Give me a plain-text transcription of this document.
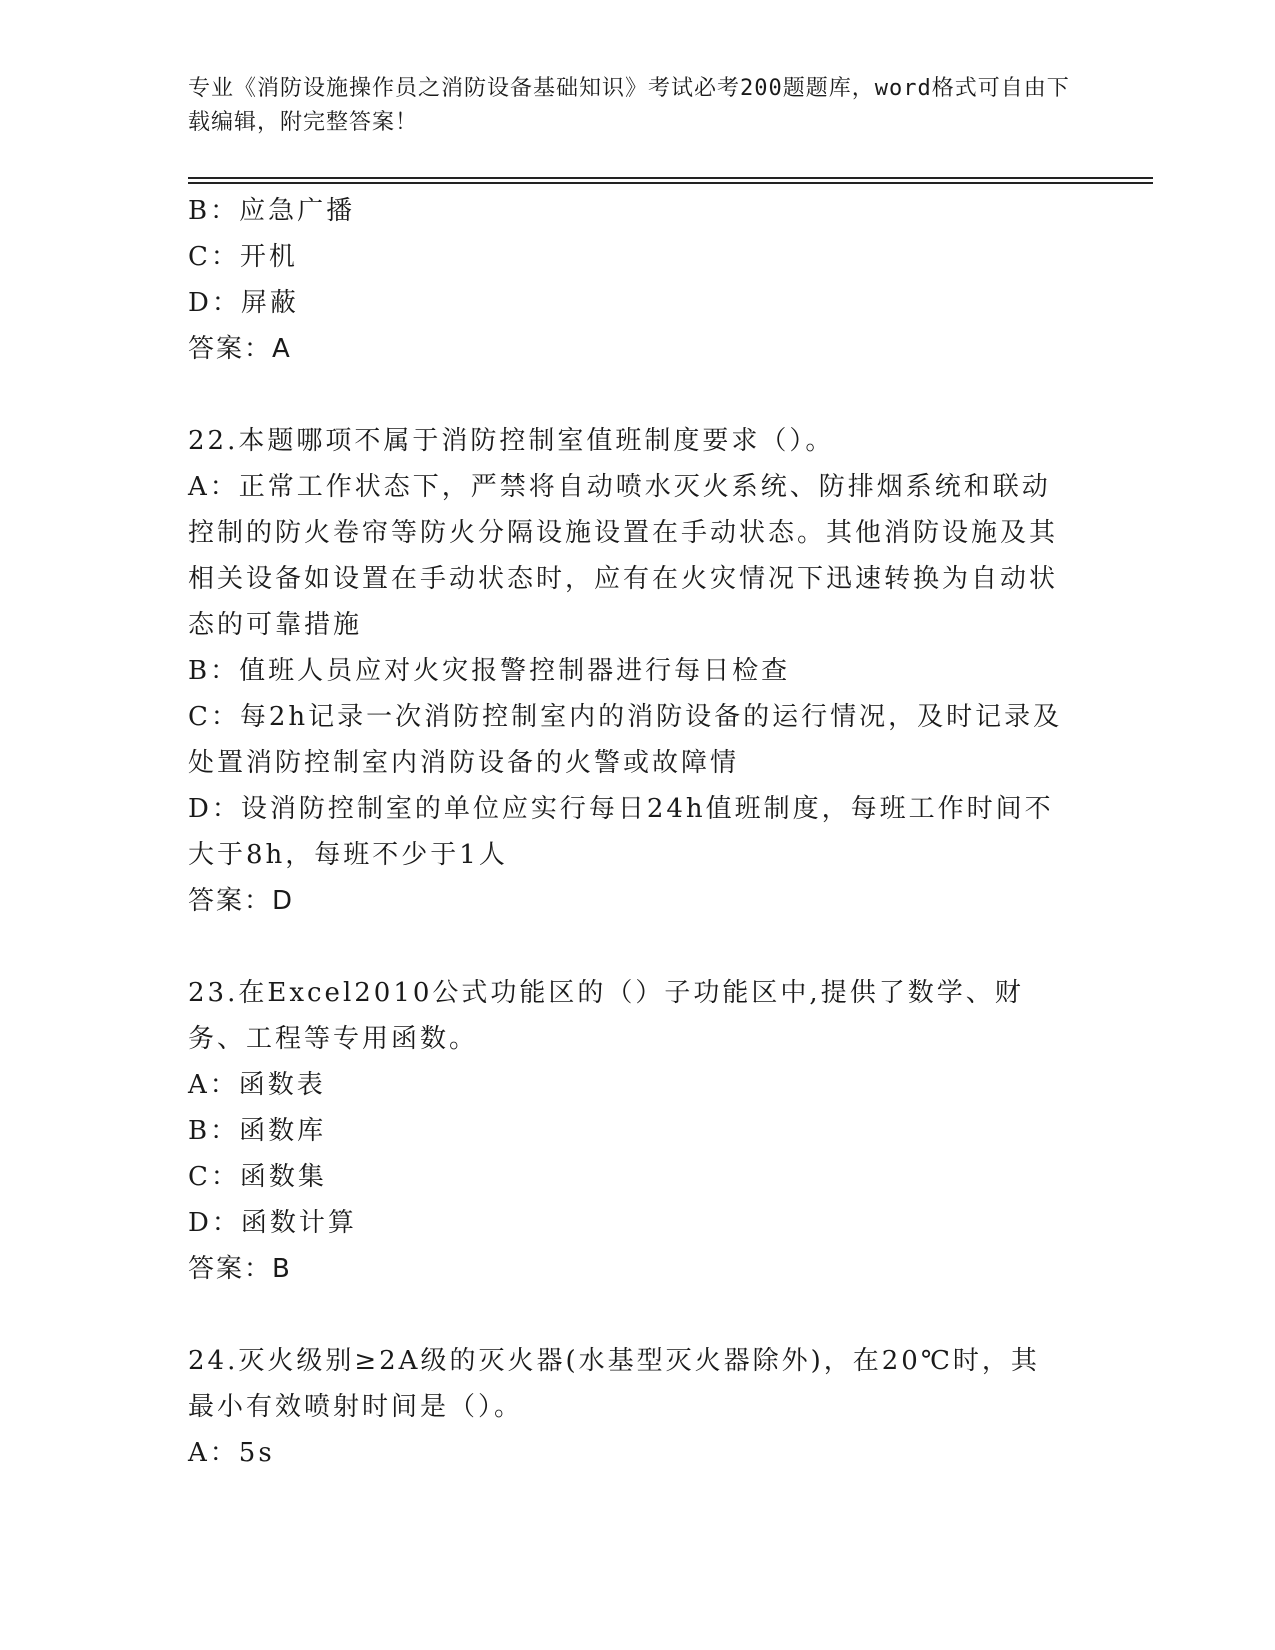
专业《消防设施操作员之消防设备基础知识》考试必考200题题库，word格式可自由下载编辑，附完整答案！
B：应急广播
C：开机
D：屏蔽
答案：A
22.本题哪项不属于消防控制室值班制度要求（）。
A：正常工作状态下，严禁将自动喷水灭火系统、防排烟系统和联动控制的防火卷帘等防火分隔设施设置在手动状态。其他消防设施及其相关设备如设置在手动状态时，应有在火灾情况下迅速转换为自动状态的可靠措施
B：值班人员应对火灾报警控制器进行每日检查
C：每2h记录一次消防控制室内的消防设备的运行情况，及时记录及处置消防控制室内消防设备的火警或故障情
D：设消防控制室的单位应实行每日24h值班制度，每班工作时间不大于8h，每班不少于1人
答案：D
23.在Excel2010公式功能区的（）子功能区中,提供了数学、财务、工程等专用函数。
A：函数表
B：函数库
C：函数集
D：函数计算
答案：B
24.灭火级别≥2A级的灭火器(水基型灭火器除外)，在20℃时，其最小有效喷射时间是（）。
A：5s
